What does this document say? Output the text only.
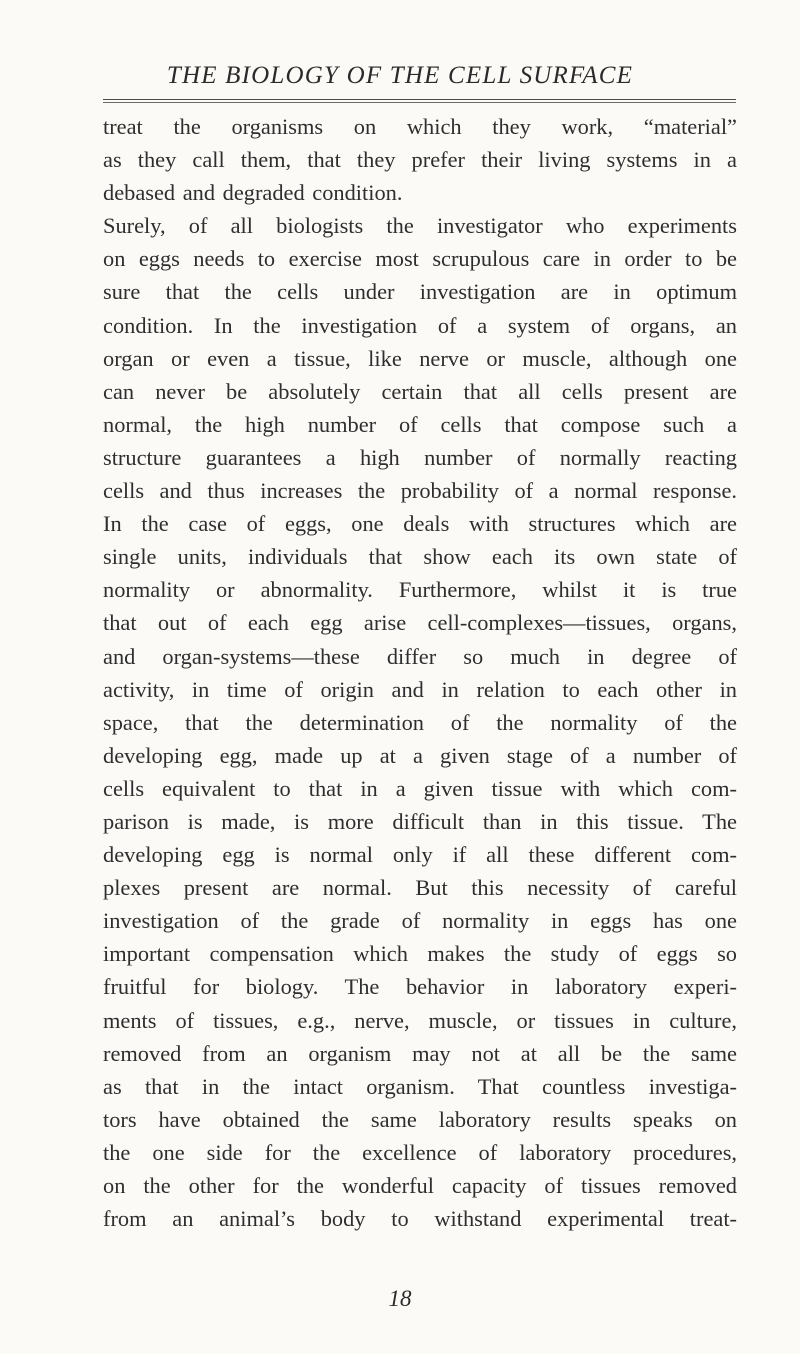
THE BIOLOGY OF THE CELL SURFACE
treat the organisms on which they work, “material”
as they call them, that they prefer their living systems in a
debased and degraded condition.
Surely, of all biologists the investigator who experiments
on eggs needs to exercise most scrupulous care in order to be
sure that the cells under investigation are in optimum
condition. In the investigation of a system of organs, an
organ or even a tissue, like nerve or muscle, although one
can never be absolutely certain that all cells present are
normal, the high number of cells that compose such a
structure guarantees a high number of normally reacting
cells and thus increases the probability of a normal response.
In the case of eggs, one deals with structures which are
single units, individuals that show each its own state of
normality or abnormality. Furthermore, whilst it is true
that out of each egg arise cell-complexes—tissues, organs,
and organ-systems—these differ so much in degree of
activity, in time of origin and in relation to each other in
space, that the determination of the normality of the
developing egg, made up at a given stage of a number of
cells equivalent to that in a given tissue with which com-
parison is made, is more difficult than in this tissue. The
developing egg is normal only if all these different com-
plexes present are normal. But this necessity of careful
investigation of the grade of normality in eggs has one
important compensation which makes the study of eggs so
fruitful for biology. The behavior in laboratory experi-
ments of tissues, e.g., nerve, muscle, or tissues in culture,
removed from an organism may not at all be the same
as that in the intact organism. That countless investiga-
tors have obtained the same laboratory results speaks on
the one side for the excellence of laboratory procedures,
on the other for the wonderful capacity of tissues removed
from an animal’s body to withstand experimental treat-
18
